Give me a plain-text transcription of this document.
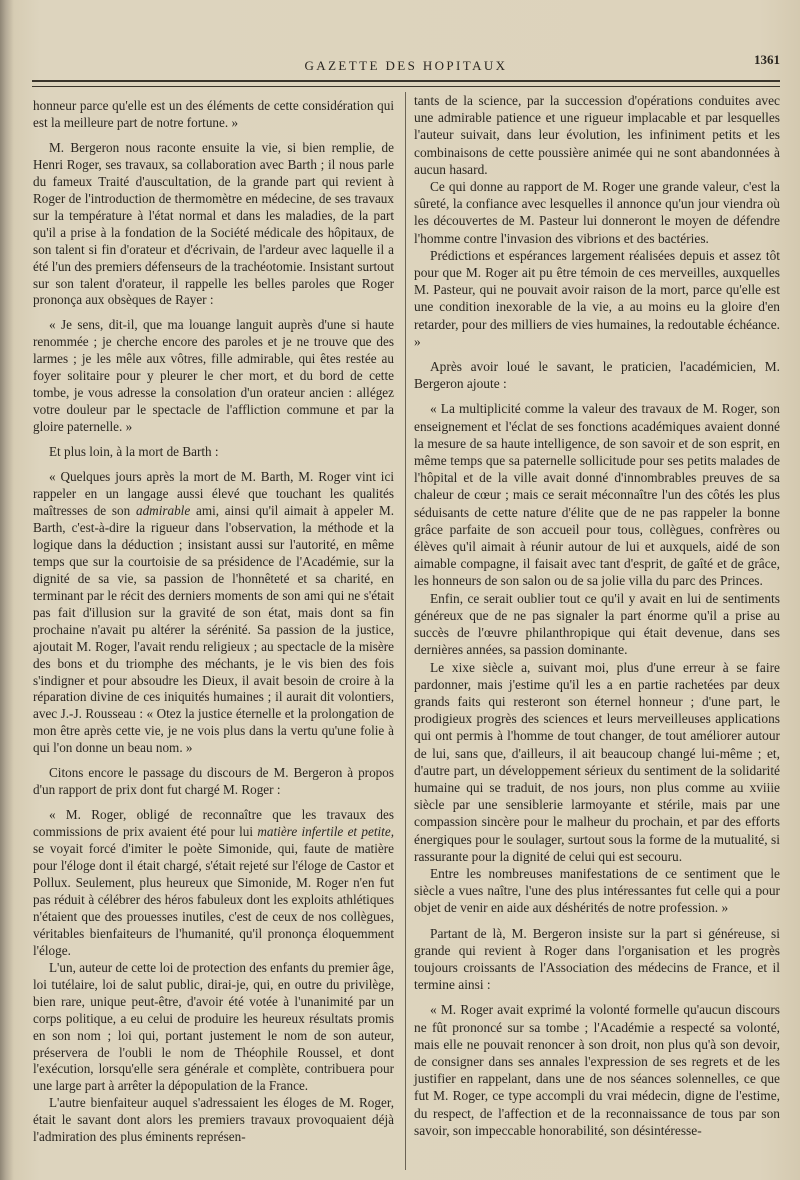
GAZETTE DES HOPITAUX	1361

honneur parce qu'elle est un des éléments de cette considération qui est la meilleure part de notre fortune. »

M. Bergeron nous raconte ensuite la vie, si bien remplie, de Henri Roger, ses travaux, sa collaboration avec Barth ; il nous parle du fameux Traité d'auscultation, de la grande part qui revient à Roger de l'introduction de thermomètre en médecine, de ses travaux sur la température à l'état normal et dans les maladies, de la part qu'il a prise à la fondation de la Société médicale des hôpitaux, de son talent si fin d'orateur et d'écrivain, de l'ardeur avec laquelle il a été l'un des premiers défenseurs de la trachéotomie. Insistant surtout sur son talent d'orateur, il rappelle les belles paroles que Roger prononça aux obsèques de Rayer :

« Je sens, dit-il, que ma louange languit auprès d'une si haute renommée ; je cherche encore des paroles et je ne trouve que des larmes ; je les mêle aux vôtres, fille admirable, qui êtes restée au foyer solitaire pour y pleurer le cher mort, et du bord de cette tombe, je vous adresse la consolation d'un orateur ancien : allégez votre douleur par le spectacle de l'affliction commune et par la gloire paternelle. »

Et plus loin, à la mort de Barth :

« Quelques jours après la mort de M. Barth, M. Roger vint ici rappeler en un langage aussi élevé que touchant les qualités maîtresses de son admirable ami, ainsi qu'il aimait à appeler M. Barth, c'est-à-dire la rigueur dans l'observation, la méthode et la logique dans la déduction ; insistant aussi sur l'autorité, en même temps que sur la courtoisie de sa présidence de l'Académie, sur la dignité de sa vie, sa passion de l'honnêteté et sa charité, en terminant par le récit des derniers moments de son ami qui ne s'était pas fait d'illusion sur la gravité de son état, mais dont sa fin prochaine n'avait pu altérer la sérénité. Sa passion de la justice, ajoutait M. Roger, l'avait rendu religieux ; au spectacle de la misère des bons et du triomphe des méchants, je le vis bien des fois s'indigner et pour absoudre les Dieux, il avait besoin de croire à la réparation divine de ces iniquités humaines ; il aurait dit volontiers, avec J.-J. Rousseau : « Otez la justice éternelle et la prolongation de mon être après cette vie, je ne vois plus dans la vertu qu'une folie à qui l'on donne un beau nom. »

Citons encore le passage du discours de M. Bergeron à propos d'un rapport de prix dont fut chargé M. Roger :

« M. Roger, obligé de reconnaître que les travaux des commissions de prix avaient été pour lui matière infertile et petite, se voyait forcé d'imiter le poète Simonide, qui, faute de matière pour l'éloge dont il était chargé, s'était rejeté sur l'éloge de Castor et Pollux. Seulement, plus heureux que Simonide, M. Roger n'en fut pas réduit à célébrer des héros fabuleux dont les exploits athlétiques n'étaient que des prouesses inutiles, c'est de ceux de nos collègues, véritables bienfaiteurs de l'humanité, qu'il prononça éloquemment l'éloge.

L'un, auteur de cette loi de protection des enfants du premier âge, loi tutélaire, loi de salut public, dirai-je, qui, en outre du privilège, bien rare, unique peut-être, d'avoir été votée à l'unanimité par un corps politique, a eu celui de produire les heureux résultats promis en son nom ; loi qui, portant justement le nom de son auteur, préservera de l'oubli le nom de Théophile Roussel, et dont l'exécution, lorsqu'elle sera générale et complète, contribuera pour une large part à arrêter la dépopulation de la France.

L'autre bienfaiteur auquel s'adressaient les éloges de M. Roger, était le savant dont alors les premiers travaux provoquaient déjà l'admiration des plus éminents représen-

tants de la science, par la succession d'opérations conduites avec une admirable patience et une rigueur implacable et par lesquelles l'auteur suivait, dans leur évolution, les infiniment petits et les combinaisons de cette poussière animée qui ne sont abandonnées à aucun hasard.

Ce qui donne au rapport de M. Roger une grande valeur, c'est la sûreté, la confiance avec lesquelles il annonce qu'un jour viendra où les découvertes de M. Pasteur lui donneront le moyen de défendre l'homme contre l'invasion des vibrions et des bactéries.

Prédictions et espérances largement réalisées depuis et assez tôt pour que M. Roger ait pu être témoin de ces merveilles, auxquelles M. Pasteur, qui ne pouvait avoir raison de la mort, parce qu'elle est une condition inexorable de la vie, a au moins eu la gloire d'en retarder, pour des milliers de vies humaines, la redoutable échéance. »

Après avoir loué le savant, le praticien, l'académicien, M. Bergeron ajoute :

« La multiplicité comme la valeur des travaux de M. Roger, son enseignement et l'éclat de ses fonctions académiques avaient donné la mesure de sa haute intelligence, de son savoir et de son esprit, en même temps que sa paternelle sollicitude pour ses petits malades de l'hôpital et de la ville avait donné d'innombrables preuves de sa chaleur de cœur ; mais ce serait méconnaître l'un des côtés les plus séduisants de cette nature d'élite que de ne pas rappeler la bonne grâce parfaite de son accueil pour tous, collègues, confrères ou élèves qu'il aimait à réunir autour de lui et auxquels, aidé de son aimable compagne, il faisait avec tant d'esprit, de gaîté et de grâce, les honneurs de son salon ou de sa jolie villa du parc des Princes.

Enfin, ce serait oublier tout ce qu'il y avait en lui de sentiments généreux que de ne pas signaler la part énorme qu'il a prise au succès de l'œuvre philanthropique qui était devenue, dans ses dernières années, sa passion dominante.

Le xixe siècle a, suivant moi, plus d'une erreur à se faire pardonner, mais j'estime qu'il les a en partie rachetées par deux grands faits qui resteront son éternel honneur ; d'une part, le prodigieux progrès des sciences et leurs merveilleuses applications qui ont permis à l'homme de tout changer, de tout améliorer autour de lui, sans que, d'ailleurs, il ait beaucoup changé lui-même ; et, d'autre part, un développement sérieux du sentiment de la solidarité humaine qui se traduit, de nos jours, non plus comme au xviiie siècle par une sensiblerie larmoyante et stérile, mais par une compassion sincère pour le malheur du prochain, et par des efforts énergiques pour le soulager, surtout sous la forme de la mutualité, si rassurante pour la dignité de celui qui est secouru.

Entre les nombreuses manifestations de ce sentiment que le siècle a vues naître, l'une des plus intéressantes fut celle qui a pour objet de venir en aide aux déshérités de notre profession. »

Partant de là, M. Bergeron insiste sur la part si généreuse, si grande qui revient à Roger dans l'organisation et les progrès toujours croissants de l'Association des médecins de France, et il termine ainsi :

« M. Roger avait exprimé la volonté formelle qu'aucun discours ne fût prononcé sur sa tombe ; l'Académie a respecté sa volonté, mais elle ne pouvait renoncer à son droit, non plus qu'à son devoir, de consigner dans ses annales l'expression de ses regrets et de les justifier en rappelant, dans une de nos séances solennelles, ce que fut M. Roger, ce type accompli du vrai médecin, digne de l'estime, du respect, de l'affection et de la reconnaissance de tous par son savoir, son impeccable honorabilité, son désintéresse-
